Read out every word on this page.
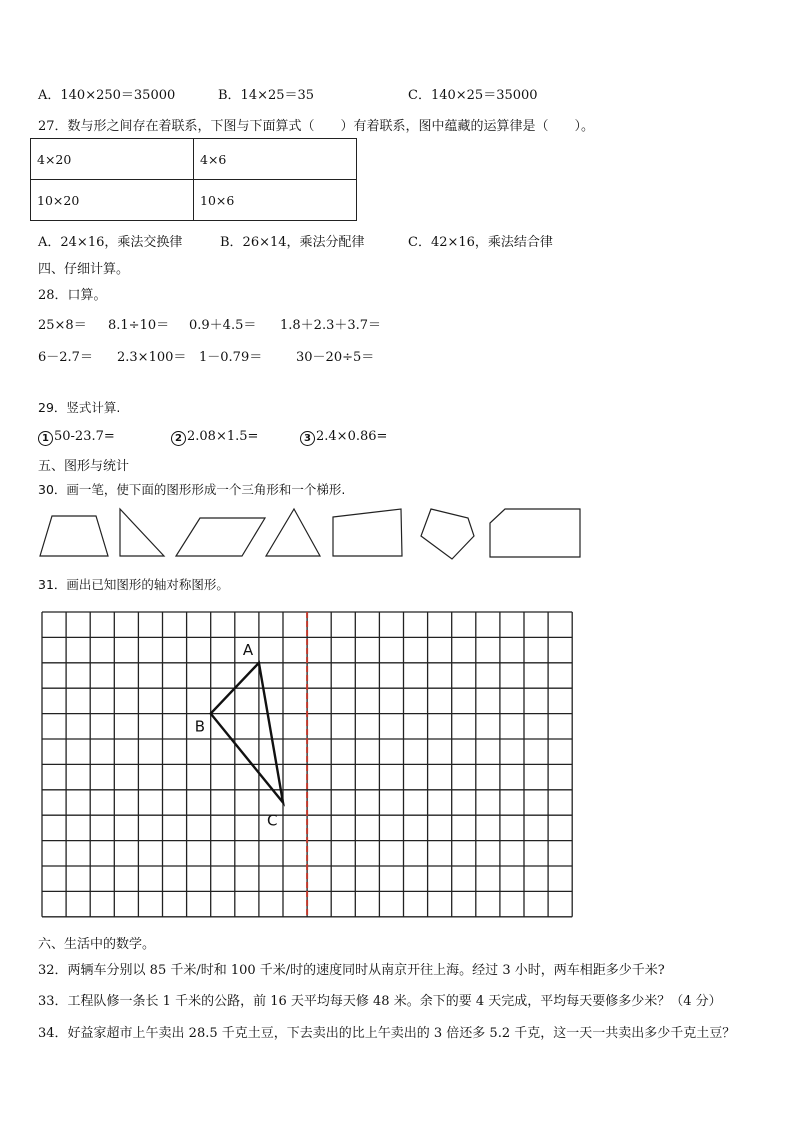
A．140×250＝35000	B．14×25＝35	C．140×25＝35000
27．数与形之间存在着联系，下图与下面算式（　　）有着联系，图中蕴藏的运算律是（　　）。
4×20	4×6
10×20	10×6
A．24×16，乘法交换律	B．26×14，乘法分配律	C．42×16，乘法结合律
四、仔细计算。
28．口算。
25×8＝ 8.1÷10＝ 0.9＋4.5＝ 1.8＋2.3＋3.7＝
6－2.7＝ 2.3×100＝ 1－0.79＝	30－20÷5＝
29．竖式计算.
1 50-23.7=	2 2.08×1.5=	3 2.4×0.86=
五、图形与统计
30．画一笔，使下面的图形形成一个三角形和一个梯形.
31．画出已知图形的轴对称图形。
A
B
C
六、生活中的数学。
32．两辆车分别以 85 千米/时和 100 千米/时的速度同时从南京开往上海。经过 3 小时，两车相距多少千米?
33．工程队修一条长 1 千米的公路，前 16 天平均每天修 48 米。余下的要 4 天完成，平均每天要修多少米？（4 分）
34．好益家超市上午卖出 28.5 千克土豆，下去卖出的比上午卖出的 3 倍还多 5.2 千克，这一天一共卖出多少千克土豆？
